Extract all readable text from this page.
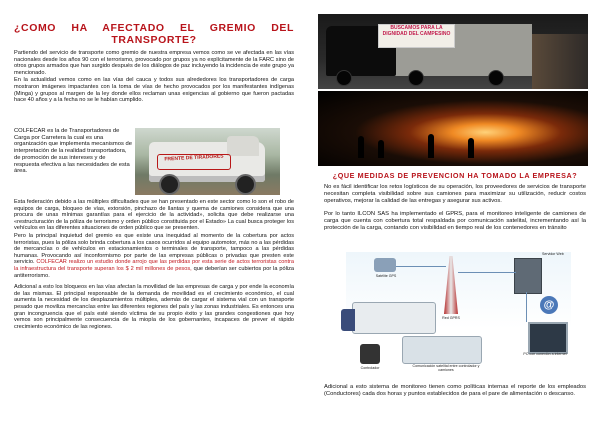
¿COMO HA AFECTADO EL GREMIO DEL
TRANSPORTE?

Partiendo del servicio de transporte como gremio de nuestra empresa vemos como se ve afectada en las vías nacionales desde los años 90 con el terrorismo, provocado por grupos ya no explícitamente de la FARC sino de otros grupos armados que han surgido después de los diálogos de paz incluyendo la incidencia de este grupo ya mencionado.

En la actualidad vemos como en las vías del cauca y todos sus alrededores los transportadores de carga mostraron imágenes impactantes con la toma de vías de hecho provocados por los manifestantes indígenas (Minga) y grupos al margen de la ley donde ellos reclaman unas exigencias al gobierno que fueron pactadas hace 40 años y a la fecha no se le habían cumplido.

COLFECAR es la de Transportadores de Carga por Carretera la cual es una organización que implementa mecanismos de interpretación de la realidad transportadora, de promoción de sus intereses y de respuesta efectiva a las necesidades de esta área.

FRENTE DE TIRADORES

Esta federación debido a las múltiples dificultades que se han presentado en este sector como lo son el robo de equipos de carga, bloqueo de vías, extorsión, pinchazo de llantas y quema de camiones considera que una procura de unas mínimas garantías para el ejercicio de la actividad», solicita que debe realizarse una «restructuración de la póliza de terrorismo y orden público constituida por el Estado» La cual busca proteger los vehículos en las diferentes situaciones de orden público que se presenten.

Pero la principal inquietud del gremio es que existe una inequidad al momento de la cobertura por actos terroristas, pues la póliza solo brinda cobertura a los casos ocurridos al equipo automotor, más no a las pérdidas de mercancías o de vehículos en estacionamientos o terminales de transporte, tampoco a las pérdidas humanas. Provocando así inconformismo por parte de las empresas públicas o privadas que presten este servicio. COLFECAR realizo un estudio donde arrojo que las perdidas por esta serie de actos terroristas contra la infraestructura del transporte superan los $ 2 mil millones de pesos, que deberían ser cubiertos por la póliza antiterrorismo.

Adicional a esto los bloqueos en las vías afectan la movilidad de las empresas de carga y por ende la economía de las mismas. El principal responsable de la demanda de movilidad es el crecimiento económico, el cual aumenta la necesidad de los desplazamientos múltiples, además de cargar el sistema vial con un transporte pesado que moviliza mercancías entre las diferentes regiones del país y las zonas industriales. Es entonces una gran incongruencia que el país esté siendo víctima de su propio éxito y las grandes congestiones que hoy vemos son principalmente consecuencia de la miopía de los gobernantes, incapaces de prever el rápido crecimiento económico de las regiones.

BUSCAMOS PARA LA DIGNIDAD DEL CAMPESINO
¿QUE MEDIDAS DE PREVENCION HA TOMADO LA EMPRESA?

No es fácil identificar los retos logísticos de su operación, los proveedores de servicios de transporte necesitan completa visibilidad sobre sus camiones para maximizar su utilización, reducir costos operativos, mejorar la calidad de las entregas y asegurar sus activos.

Por lo tanto ILCON SAS ha implementado el GPRS, para el monitoreo inteligente de camiones de carga que cuenta con cobertura total respaldada por comunicación satelital, incrementando así la protección de la carga, contando con visibilidad en tiempo real de los contenedores en tránsito

Satélite GPS
Red GPRS
Servidor Web
@
Controlador	Comunicación satelital entre controlador y camiones
PC con conexión a internet

Adicional a esto sistema de monitoreo tienen como políticas internas el reporte de los empleados (Conductores) cada dos horas y puntos establecidos de para el pare de alimentación o descanso.
